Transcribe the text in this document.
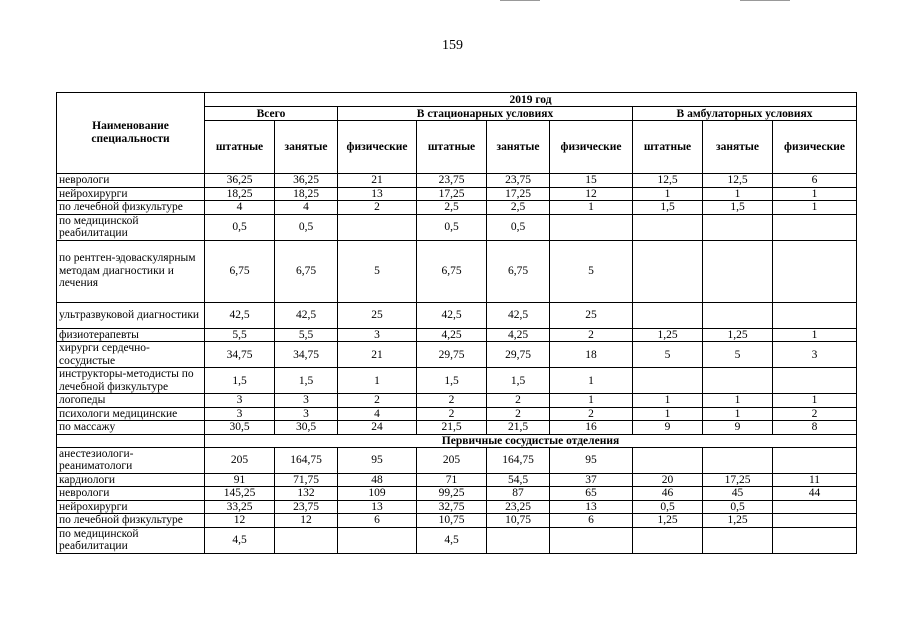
159
Наименование специальности	2019 год								
	Всего		В стационарных условиях				В амбулаторных условиях		
	штатные	занятые	физические	штатные	занятые	физические	штатные	занятые	физические
неврологи	36,25	36,25	21	23,75	23,75	15	12,5	12,5	6
нейрохирурги	18,25	18,25	13	17,25	17,25	12	1	1	1
по лечебной физкультуре	4	4	2	2,5	2,5	1	1,5	1,5	1
по медицинской реабилитации	0,5	0,5		0,5	0,5				
по рентген-эдоваскулярным методам диагностики и лечения	6,75	6,75	5	6,75	6,75	5			
ультразвуковой диагностики	42,5	42,5	25	42,5	42,5	25			
физиотерапевты	5,5	5,5	3	4,25	4,25	2	1,25	1,25	1
хирурги сердечно-сосудистые	34,75	34,75	21	29,75	29,75	18	5	5	3
инструкторы-методисты по лечебной физкультуре	1,5	1,5	1	1,5	1,5	1			
логопеды	3	3	2	2	2	1	1	1	1
психологи медицинские	3	3	4	2	2	2	1	1	2
по массажу	30,5	30,5	24	21,5	21,5	16	9	9	8
	Первичные сосудистые отделения								
анестезиологи-реаниматологи	205	164,75	95	205	164,75	95			
кардиологи	91	71,75	48	71	54,5	37	20	17,25	11
неврологи	145,25	132	109	99,25	87	65	46	45	44
нейрохирурги	33,25	23,75	13	32,75	23,25	13	0,5	0,5	
по лечебной физкультуре	12	12	6	10,75	10,75	6	1,25	1,25	
по медицинской реабилитации	4,5			4,5					
